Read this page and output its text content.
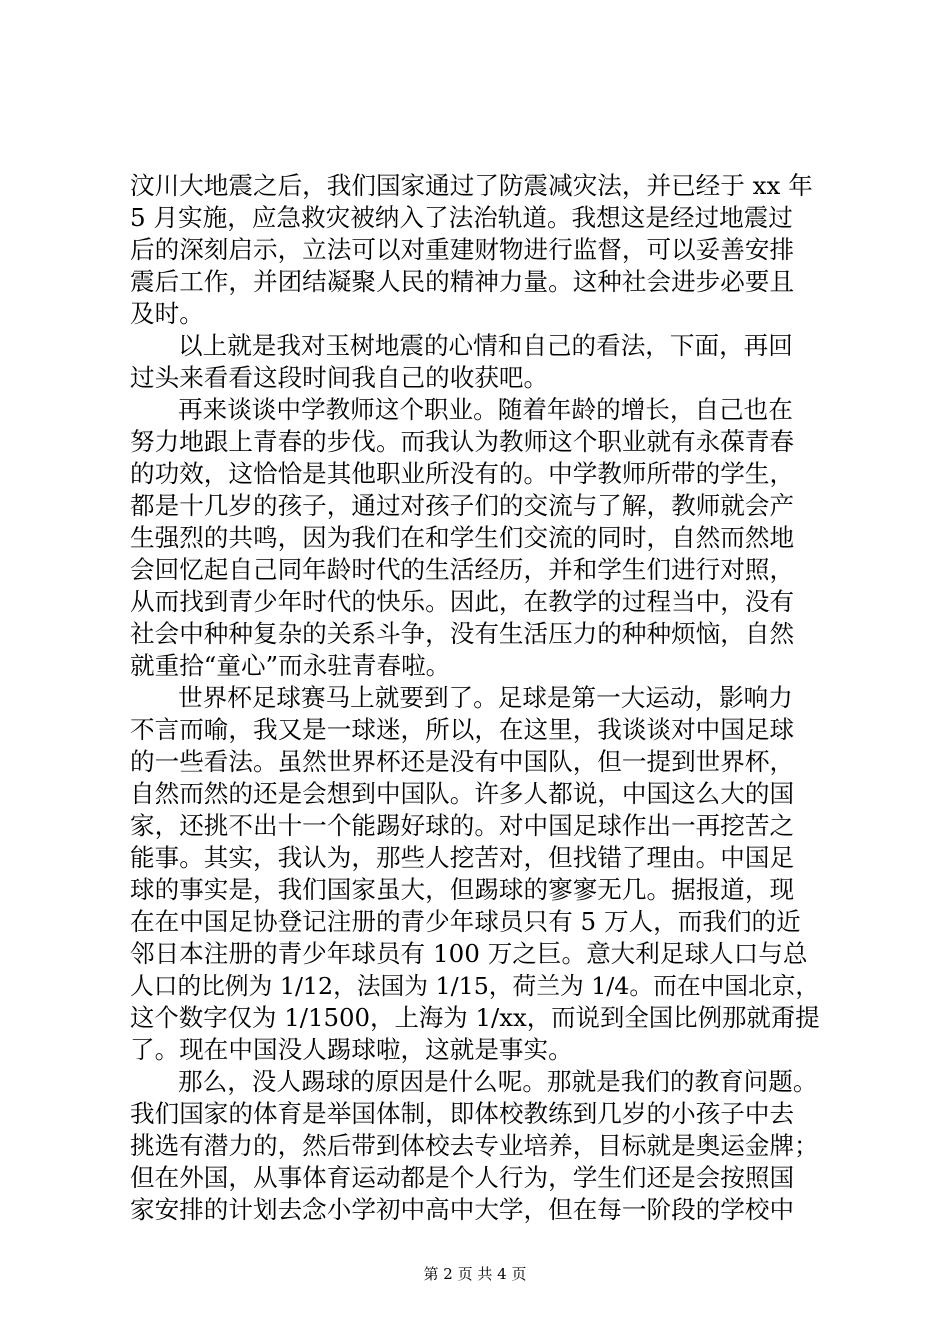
汶川大地震之后，我们国家通过了防震减灾法，并已经于 xx 年
5 月实施，应急救灾被纳入了法治轨道。我想这是经过地震过
后的深刻启示，立法可以对重建财物进行监督，可以妥善安排
震后工作，并团结凝聚人民的精神力量。这种社会进步必要且
及时。
以上就是我对玉树地震的心情和自己的看法，下面，再回
过头来看看这段时间我自己的收获吧。
再来谈谈中学教师这个职业。随着年龄的增长，自己也在
努力地跟上青春的步伐。而我认为教师这个职业就有永葆青春
的功效，这恰恰是其他职业所没有的。中学教师所带的学生，
都是十几岁的孩子，通过对孩子们的交流与了解，教师就会产
生强烈的共鸣，因为我们在和学生们交流的同时，自然而然地
会回忆起自己同年龄时代的生活经历，并和学生们进行对照，
从而找到青少年时代的快乐。因此，在教学的过程当中，没有
社会中种种复杂的关系斗争，没有生活压力的种种烦恼，自然
就重拾“童心”而永驻青春啦。
世界杯足球赛马上就要到了。足球是第一大运动，影响力
不言而喻，我又是一球迷，所以，在这里，我谈谈对中国足球
的一些看法。虽然世界杯还是没有中国队，但一提到世界杯，
自然而然的还是会想到中国队。许多人都说，中国这么大的国
家，还挑不出十一个能踢好球的。对中国足球作出一再挖苦之
能事。其实，我认为，那些人挖苦对，但找错了理由。中国足
球的事实是，我们国家虽大，但踢球的寥寥无几。据报道，现
在在中国足协登记注册的青少年球员只有 5 万人，而我们的近
邻日本注册的青少年球员有 100 万之巨。意大利足球人口与总
人口的比例为 1/12，法国为 1/15，荷兰为 1/4。而在中国北京，
这个数字仅为 1/1500，上海为 1/xx，而说到全国比例那就甭提
了。现在中国没人踢球啦，这就是事实。
那么，没人踢球的原因是什么呢。那就是我们的教育问题。
我们国家的体育是举国体制，即体校教练到几岁的小孩子中去
挑选有潜力的，然后带到体校去专业培养，目标就是奥运金牌；
但在外国，从事体育运动都是个人行为，学生们还是会按照国
家安排的计划去念小学初中高中大学，但在每一阶段的学校中
第 2 页 共 4 页
